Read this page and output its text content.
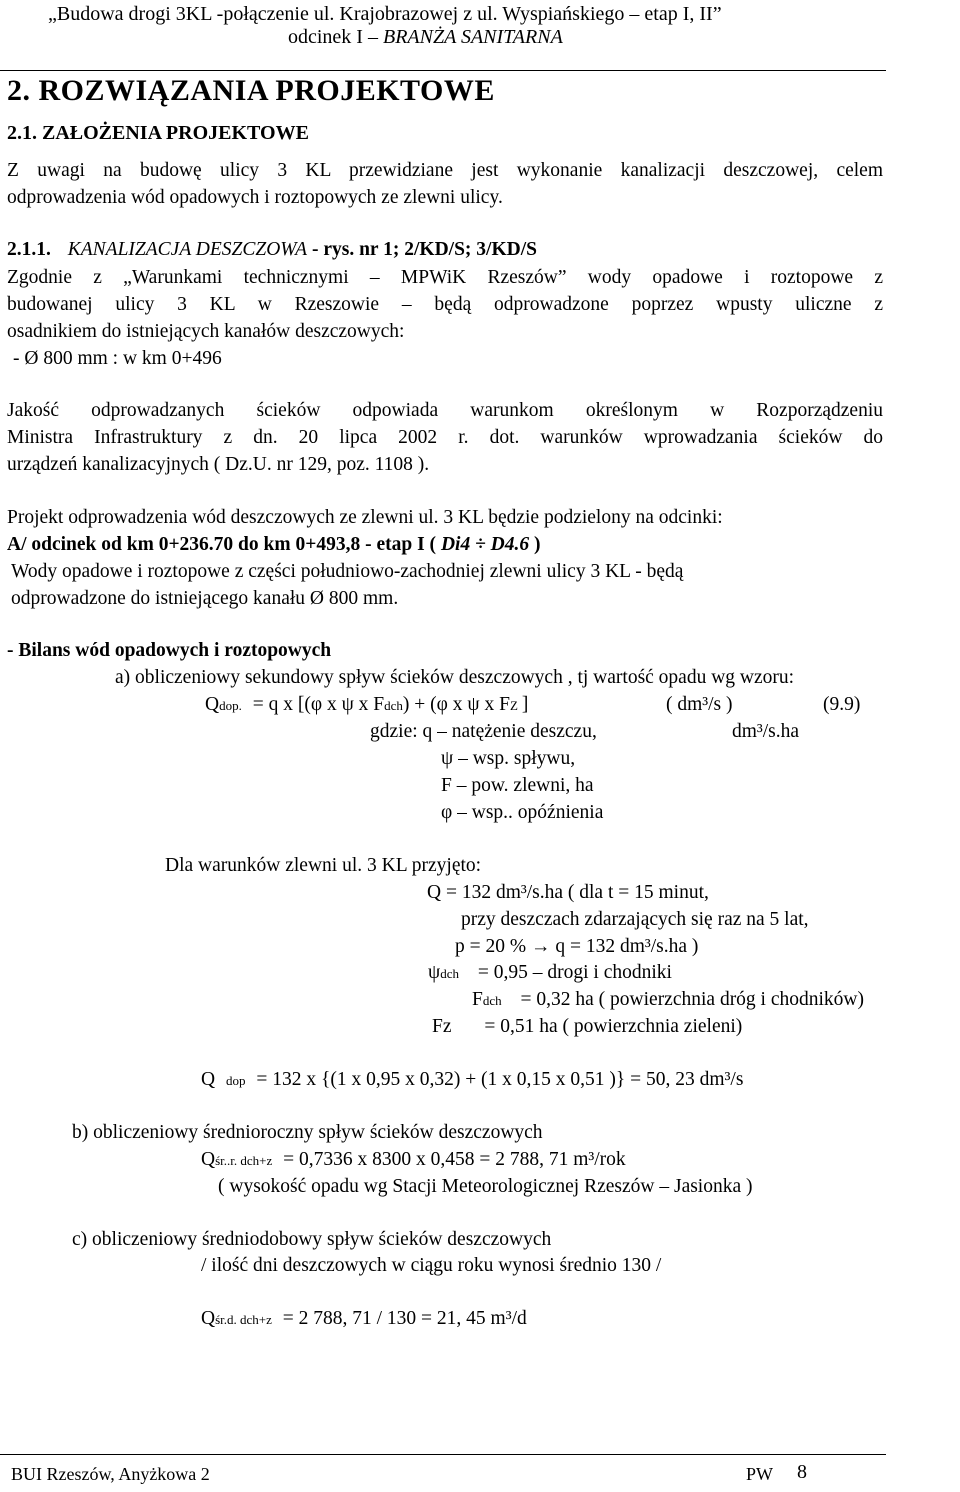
„Budowa drogi 3KL -połączenie ul. Krajobrazowej z ul. Wyspiańskiego – etap I, II”
odcinek I – BRANŻA SANITARNA
2. ROZWIĄZANIA PROJEKTOWE
2.1. ZAŁOŻENIA PROJEKTOWE
Z uwagi na budowę ulicy 3 KL przewidziane jest wykonanie kanalizacji deszczowej, celem
odprowadzenia wód opadowych i roztopowych ze zlewni ulicy.
2.1.1. KANALIZACJA DESZCZOWA - rys. nr 1; 2/KD/S; 3/KD/S
Zgodnie z „Warunkami technicznymi – MPWiK Rzeszów” wody opadowe i roztopowe z
budowanej ulicy 3 KL w Rzeszowie – będą odprowadzone poprzez wpusty uliczne z
osadnikiem do istniejących kanałów deszczowych:
- Ø 800 mm : w km 0+496
Jakość odprowadzanych ścieków odpowiada warunkom określonym w Rozporządzeniu
Ministra Infrastruktury z dn. 20 lipca 2002 r. dot. warunków wprowadzania ścieków do
urządzeń kanalizacyjnych ( Dz.U. nr 129, poz. 1108 ).
Projekt odprowadzenia wód deszczowych ze zlewni ul. 3 KL będzie podzielony na odcinki:
A/ odcinek od km 0+236.70 do km 0+493,8 - etap I ( Di4 ÷ D4.6 )
Wody opadowe i roztopowe z części południowo-zachodniej zlewni ulicy 3 KL - będą
odprowadzone do istniejącego kanału Ø 800 mm.
- Bilans wód opadowych i roztopowych
a) obliczeniowy sekundowy spływ ścieków deszczowych , tj wartość opadu wg wzoru:
Qdop. = q x [(φ x ψ x Fdch) + (φ x ψ x FZ ]	( dm³/s )	(9.9)
gdzie: q – natężenie deszczu,	dm³/s.ha
ψ – wsp. spływu,
F – pow. zlewni, ha
φ – wsp.. opóźnienia
Dla warunków zlewni ul. 3 KL przyjęto:
Q = 132 dm³/s.ha ( dla t = 15 minut,
przy deszczach zdarzających się raz na 5 lat,
p = 20 % → q = 132 dm³/s.ha )
ψdch = 0,95 – drogi i chodniki
Fdch = 0,32 ha ( powierzchnia dróg i chodników)
Fz = 0,51 ha ( powierzchnia zieleni)
Q dop = 132 x {(1 x 0,95 x 0,32) + (1 x 0,15 x 0,51 )} = 50, 23 dm³/s
b) obliczeniowy średnioroczny spływ ścieków deszczowych
Qśr..r. dch+z = 0,7336 x 8300 x 0,458 = 2 788, 71 m³/rok
( wysokość opadu wg Stacji Meteorologicznej Rzeszów – Jasionka )
c) obliczeniowy średniodobowy spływ ścieków deszczowych
/ ilość dni deszczowych w ciągu roku wynosi średnio 130 /
Qśr.d. dch+z = 2 788, 71 / 130 = 21, 45 m³/d
BUI Rzeszów, Anyżkowa 2	PW 8
